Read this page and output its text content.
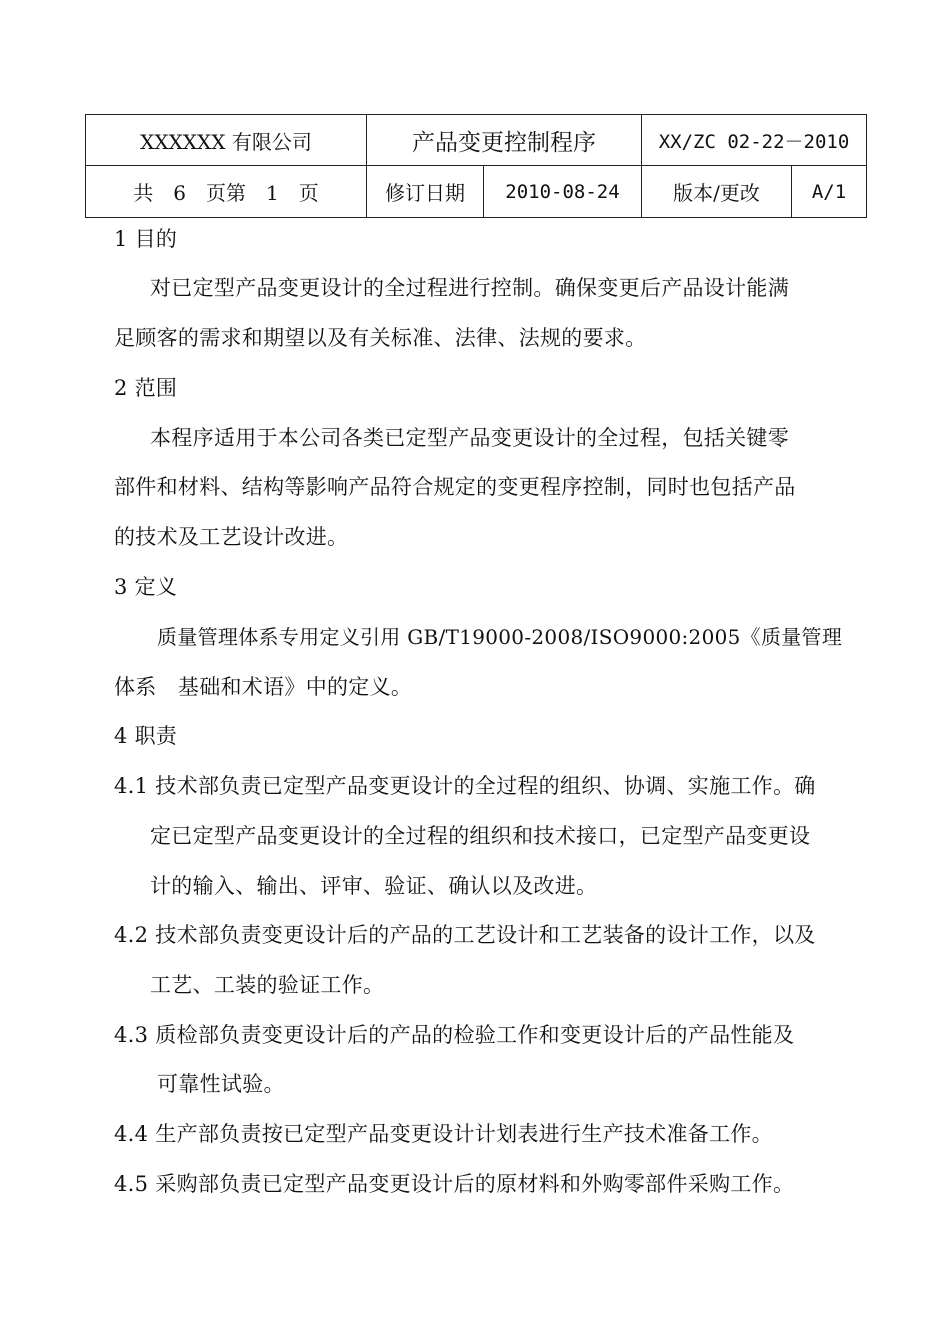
XXXXXX 有限公司	产品变更控制程序		XX/ZC 02-22－2010	
共　6　页第　1　页	修订日期	2010-08-24	版本/更改	A/1
1 目的
对已定型产品变更设计的全过程进行控制。确保变更后产品设计能满
足顾客的需求和期望以及有关标准、法律、法规的要求。
2 范围
本程序适用于本公司各类已定型产品变更设计的全过程，包括关键零
部件和材料、结构等影响产品符合规定的变更程序控制，同时也包括产品
的技术及工艺设计改进。
3 定义
质量管理体系专用定义引用 GB/T19000-2008/ISO9000:2005《质量管理
体系　基础和术语》中的定义。
4 职责
4.1 技术部负责已定型产品变更设计的全过程的组织、协调、实施工作。确
定已定型产品变更设计的全过程的组织和技术接口，已定型产品变更设
计的输入、输出、评审、验证、确认以及改进。
4.2 技术部负责变更设计后的产品的工艺设计和工艺装备的设计工作，以及
工艺、工装的验证工作。
4.3 质检部负责变更设计后的产品的检验工作和变更设计后的产品性能及
可靠性试验。
4.4 生产部负责按已定型产品变更设计计划表进行生产技术准备工作。
4.5 采购部负责已定型产品变更设计后的原材料和外购零部件采购工作。
